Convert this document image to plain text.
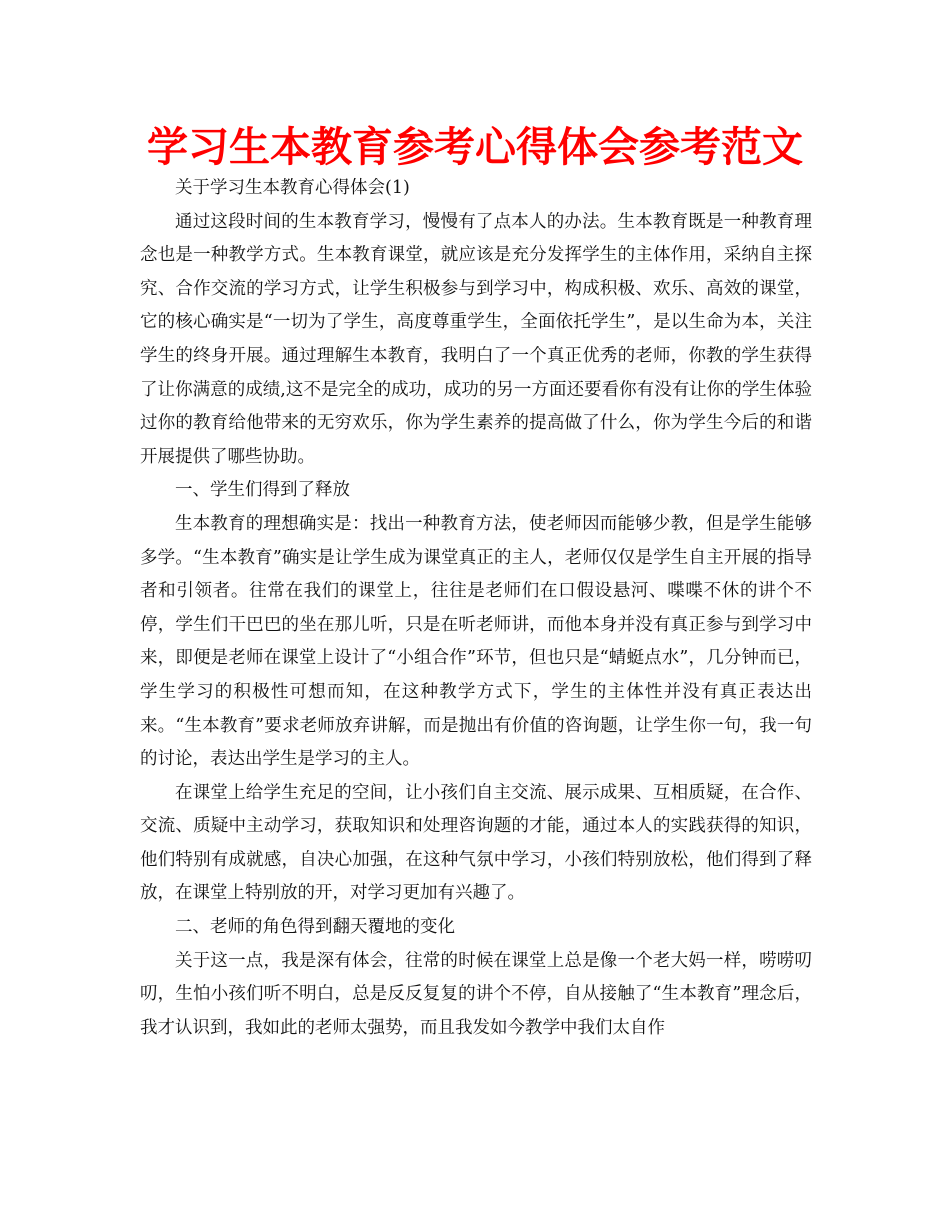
学习生本教育参考心得体会参考范文

关于学习生本教育心得体会(1)

通过这段时间的生本教育学习，慢慢有了点本人的办法。生本教育既是一种教育理念也是一种教学方式。生本教育课堂，就应该是充分发挥学生的主体作用，采纳自主探究、合作交流的学习方式，让学生积极参与到学习中，构成积极、欢乐、高效的课堂，它的核心确实是“一切为了学生，高度尊重学生，全面依托学生”，是以生命为本，关注学生的终身开展。通过理解生本教育，我明白了一个真正优秀的老师，你教的学生获得了让你满意的成绩,这不是完全的成功，成功的另一方面还要看你有没有让你的学生体验过你的教育给他带来的无穷欢乐，你为学生素养的提高做了什么，你为学生今后的和谐开展提供了哪些协助。

一、学生们得到了释放

生本教育的理想确实是：找出一种教育方法，使老师因而能够少教，但是学生能够多学。“生本教育”确实是让学生成为课堂真正的主人，老师仅仅是学生自主开展的指导者和引领者。往常在我们的课堂上，往往是老师们在口假设悬河、喋喋不休的讲个不停，学生们干巴巴的坐在那儿听，只是在听老师讲，而他本身并没有真正参与到学习中来，即便是老师在课堂上设计了“小组合作”环节，但也只是“蜻蜓点水”，几分钟而已，学生学习的积极性可想而知，在这种教学方式下，学生的主体性并没有真正表达出来。“生本教育”要求老师放弃讲解，而是抛出有价值的咨询题，让学生你一句，我一句的讨论，表达出学生是学习的主人。

在课堂上给学生充足的空间，让小孩们自主交流、展示成果、互相质疑，在合作、交流、质疑中主动学习，获取知识和处理咨询题的才能，通过本人的实践获得的知识，他们特别有成就感，自决心加强，在这种气氛中学习，小孩们特别放松，他们得到了释放，在课堂上特别放的开，对学习更加有兴趣了。

二、老师的角色得到翻天覆地的变化

关于这一点，我是深有体会，往常的时候在课堂上总是像一个老大妈一样，唠唠叨叨，生怕小孩们听不明白，总是反反复复的讲个不停，自从接触了“生本教育”理念后，我才认识到，我如此的老师太强势，而且我发如今教学中我们太自作
